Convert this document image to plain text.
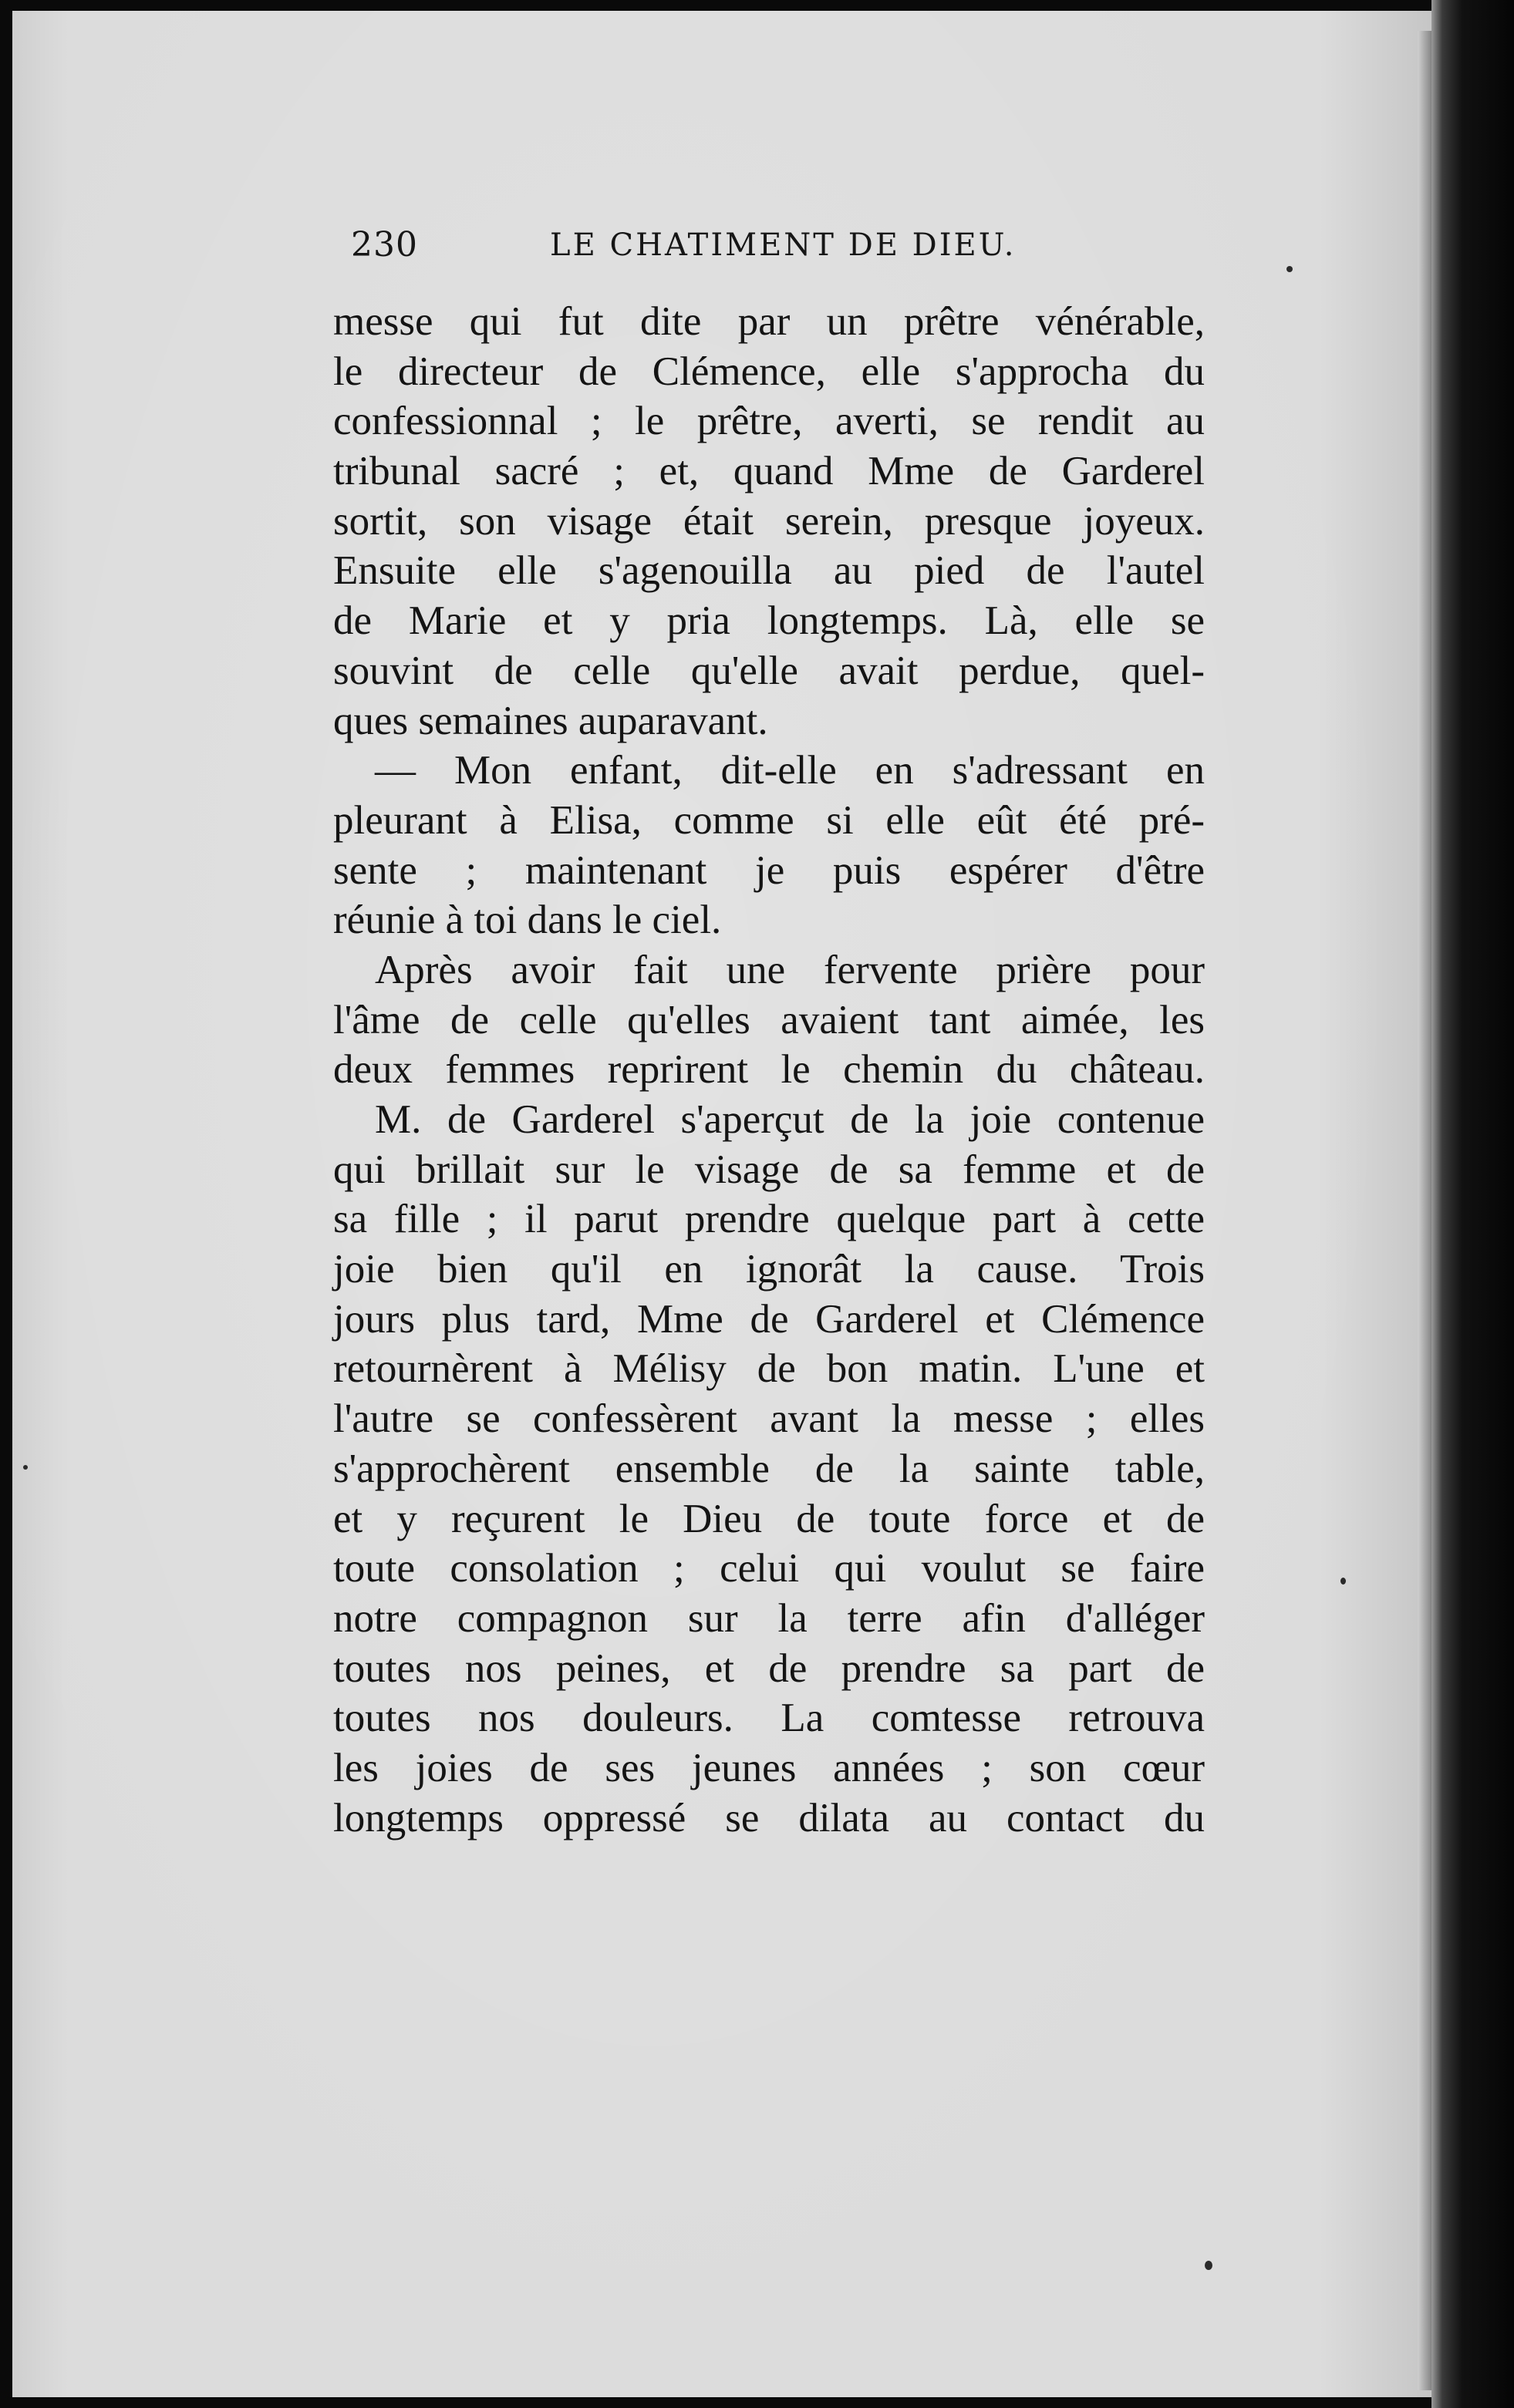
230	LE CHATIMENT DE DIEU.
messe qui fut dite par un prêtre vénérable,
le directeur de Clémence, elle s'approcha du
confessionnal ; le prêtre, averti, se rendit au
tribunal sacré ; et, quand Mme de Garderel
sortit, son visage était serein, presque joyeux.
Ensuite elle s'agenouilla au pied de l'autel
de Marie et y pria longtemps. Là, elle se
souvint de celle qu'elle avait perdue, quel-
ques semaines auparavant.
— Mon enfant, dit-elle en s'adressant en
pleurant à Elisa, comme si elle eût été pré-
sente ; maintenant je puis espérer d'être
réunie à toi dans le ciel.
Après avoir fait une fervente prière pour
l'âme de celle qu'elles avaient tant aimée, les
deux femmes reprirent le chemin du château.
M. de Garderel s'aperçut de la joie contenue
qui brillait sur le visage de sa femme et de
sa fille ; il parut prendre quelque part à cette
joie bien qu'il en ignorât la cause. Trois
jours plus tard, Mme de Garderel et Clémence
retournèrent à Mélisy de bon matin. L'une et
l'autre se confessèrent avant la messe ; elles
s'approchèrent ensemble de la sainte table,
et y reçurent le Dieu de toute force et de
toute consolation ; celui qui voulut se faire
notre compagnon sur la terre afin d'alléger
toutes nos peines, et de prendre sa part de
toutes nos douleurs. La comtesse retrouva
les joies de ses jeunes années ; son cœur
longtemps oppressé se dilata au contact du
